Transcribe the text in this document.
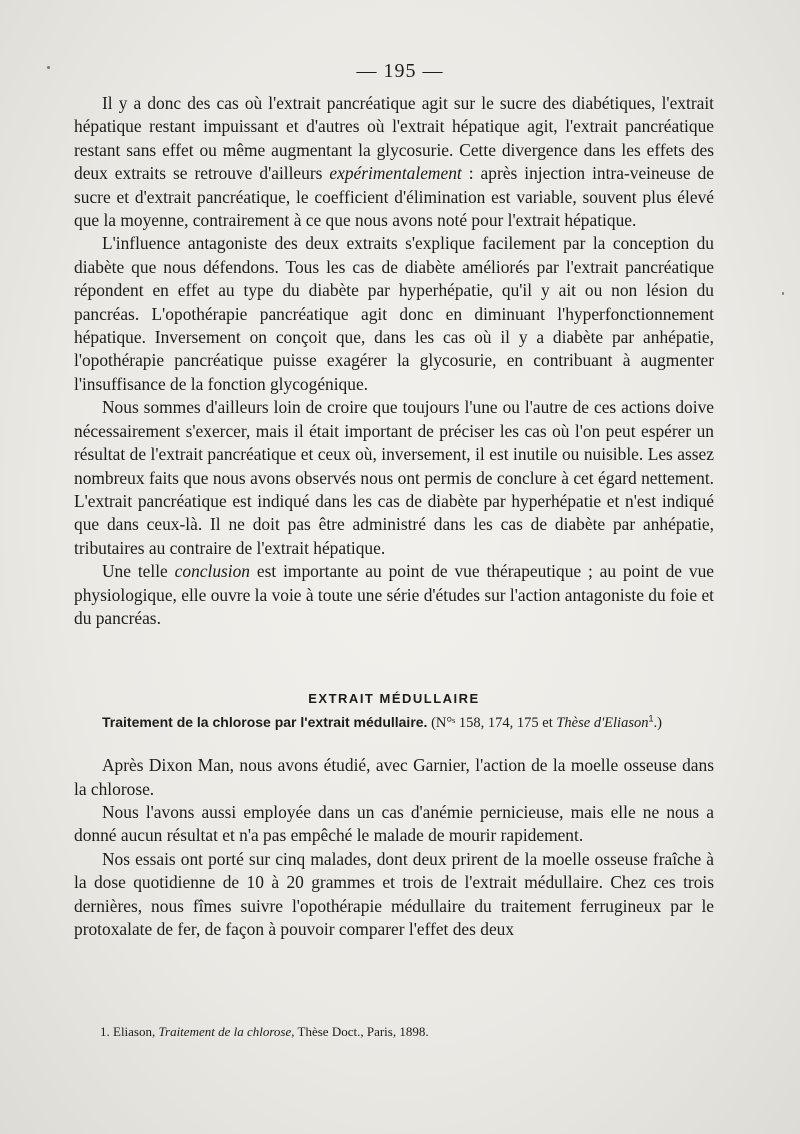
— 195 —

Il y a donc des cas où l'extrait pancréatique agit sur le sucre des diabétiques, l'extrait hépatique restant impuissant et d'autres où l'extrait hépatique agit, l'extrait pancréatique restant sans effet ou même augmentant la glycosurie. Cette divergence dans les effets des deux extraits se retrouve d'ailleurs expérimentalement : après injection intra-veineuse de sucre et d'extrait pancréatique, le coefficient d'élimination est variable, souvent plus élevé que la moyenne, contrairement à ce que nous avons noté pour l'extrait hépatique.

L'influence antagoniste des deux extraits s'explique facilement par la conception du diabète que nous défendons. Tous les cas de diabète améliorés par l'extrait pancréatique répondent en effet au type du diabète par hyperhépatie, qu'il y ait ou non lésion du pancréas. L'opothérapie pancréatique agit donc en diminuant l'hyperfonctionnement hépatique. Inversement on conçoit que, dans les cas où il y a diabète par anhépatie, l'opothérapie pancréatique puisse exagérer la glycosurie, en contribuant à augmenter l'insuffisance de la fonction glycogénique.

Nous sommes d'ailleurs loin de croire que toujours l'une ou l'autre de ces actions doive nécessairement s'exercer, mais il était important de préciser les cas où l'on peut espérer un résultat de l'extrait pancréatique et ceux où, inversement, il est inutile ou nuisible. Les assez nombreux faits que nous avons observés nous ont permis de conclure à cet égard nettement. L'extrait pancréatique est indiqué dans les cas de diabète par hyperhépatie et n'est indiqué que dans ceux-là. Il ne doit pas être administré dans les cas de diabète par anhépatie, tributaires au contraire de l'extrait hépatique.

Une telle conclusion est importante au point de vue thérapeutique ; au point de vue physiologique, elle ouvre la voie à toute une série d'études sur l'action antagoniste du foie et du pancréas.

EXTRAIT MÉDULLAIRE

Traitement de la chlorose par l'extrait médullaire. (N°ˢ 158, 174, 175 et Thèse d'Eliason$^1$.)

Après Dixon Man, nous avons étudié, avec Garnier, l'action de la moelle osseuse dans la chlorose.

Nous l'avons aussi employée dans un cas d'anémie pernicieuse, mais elle ne nous a donné aucun résultat et n'a pas empêché le malade de mourir rapidement.

Nos essais ont porté sur cinq malades, dont deux prirent de la moelle osseuse fraîche à la dose quotidienne de 10 à 20 grammes et trois de l'extrait médullaire. Chez ces trois dernières, nous fîmes suivre l'opothérapie médullaire du traitement ferrugineux par le protoxalate de fer, de façon à pouvoir comparer l'effet des deux

1. Eliason, Traitement de la chlorose, Thèse Doct., Paris, 1898.
